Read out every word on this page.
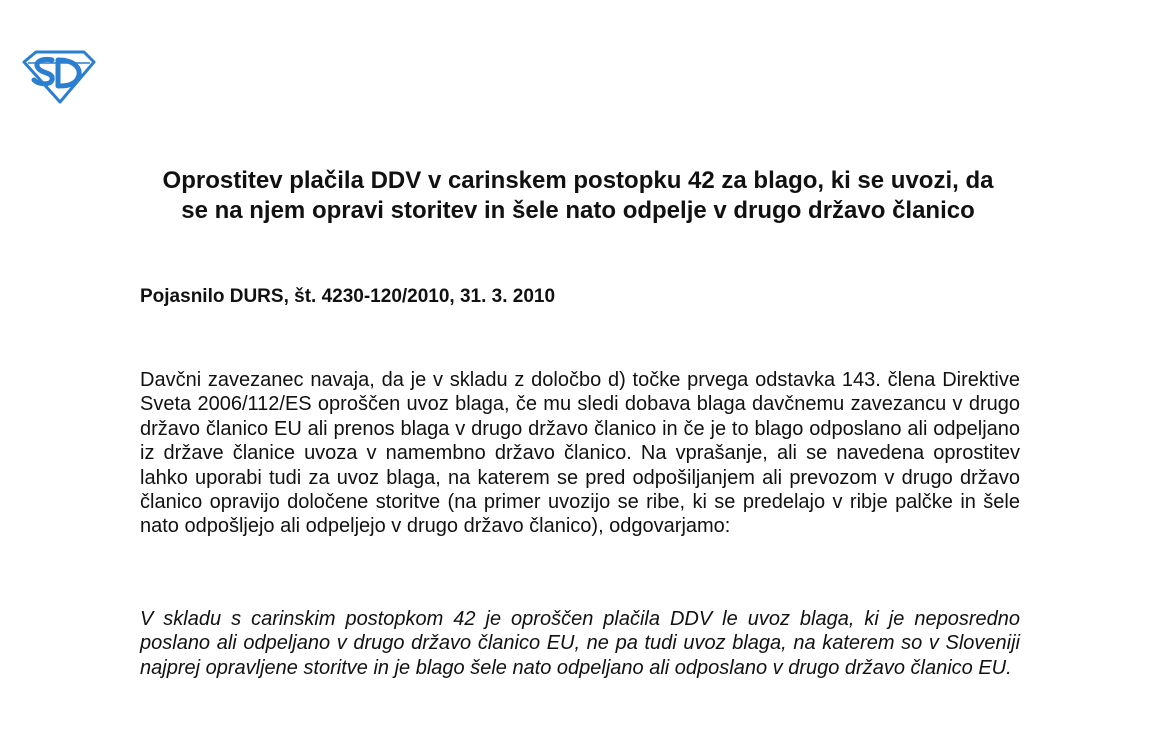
Oprostitev plačila DDV v carinskem postopku 42 za blago, ki se uvozi, da se na njem opravi storitev in šele nato odpelje v drugo državo članico

Pojasnilo DURS, št. 4230-120/2010, 31. 3. 2010

Davčni zavezanec navaja, da je v skladu z določbo d) točke prvega odstavka 143. člena Direktive Sveta 2006/112/ES oproščen uvoz blaga, če mu sledi dobava blaga davčnemu zavezancu v drugo državo članico EU ali prenos blaga v drugo državo članico in če je to blago odposlano ali odpeljano iz države članice uvoza v namembno državo članico. Na vprašanje, ali se navedena oprostitev lahko uporabi tudi za uvoz blaga, na katerem se pred odpošiljanjem ali prevozom v drugo državo članico opravijo določene storitve (na primer uvozijo se ribe, ki se predelajo v ribje palčke in šele nato odpošljejo ali odpeljejo v drugo državo članico), odgovarjamo:

V skladu s carinskim postopkom 42 je oproščen plačila DDV le uvoz blaga, ki je neposredno poslano ali odpeljano v drugo državo članico EU, ne pa tudi uvoz blaga, na katerem so v Sloveniji najprej opravljene storitve in je blago šele nato odpeljano ali odposlano v drugo državo članico EU.
